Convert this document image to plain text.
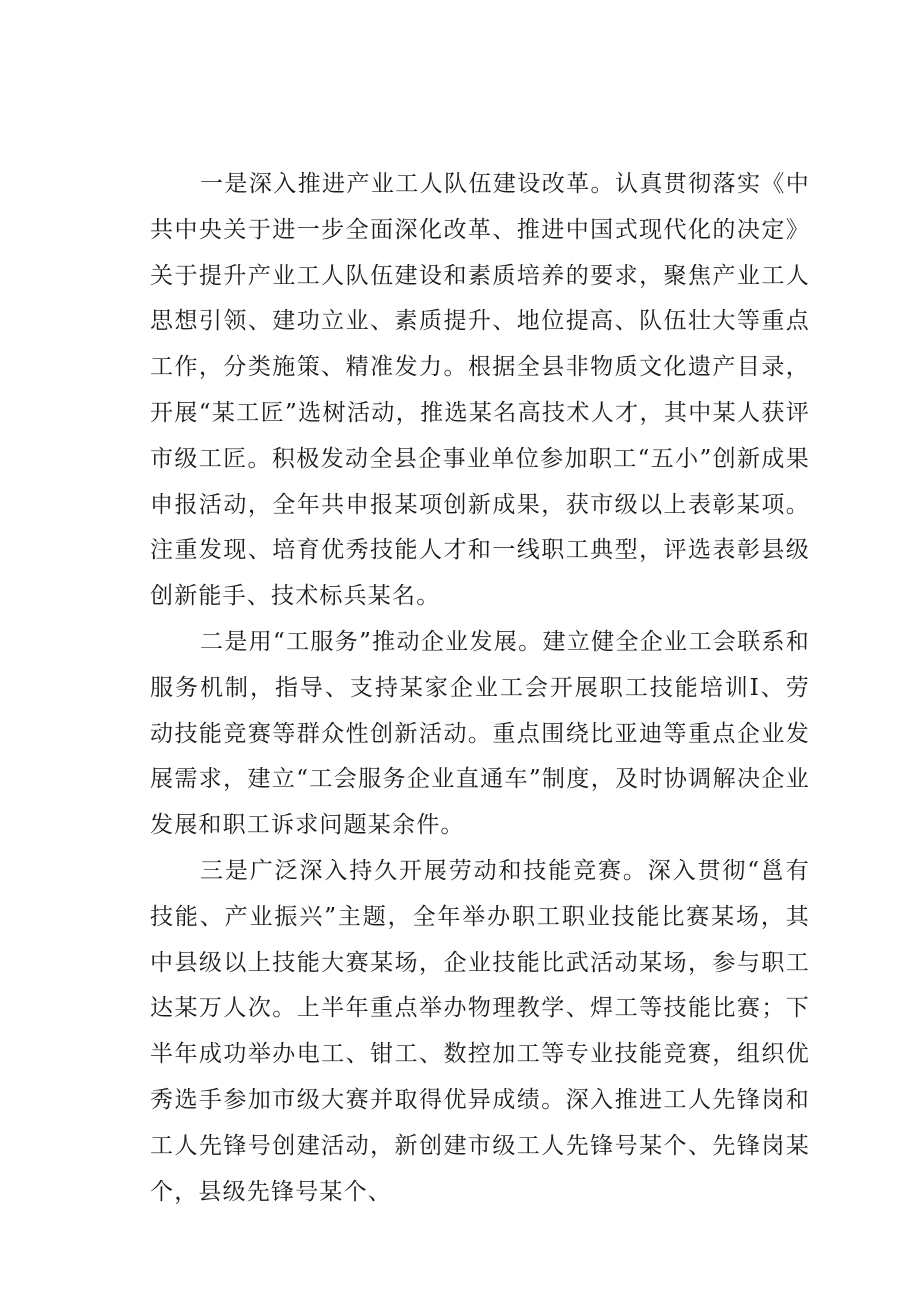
一是深入推进产业工人队伍建设改革。认真贯彻落实《中共中央关于进一步全面深化改革、推进中国式现代化的决定》关于提升产业工人队伍建设和素质培养的要求，聚焦产业工人思想引领、建功立业、素质提升、地位提高、队伍壮大等重点工作，分类施策、精准发力。根据全县非物质文化遗产目录，开展“某工匠”选树活动，推选某名高技术人才，其中某人获评市级工匠。积极发动全县企事业单位参加职工“五小”创新成果申报活动，全年共申报某项创新成果，获市级以上表彰某项。注重发现、培育优秀技能人才和一线职工典型，评选表彰县级创新能手、技术标兵某名。

二是用“工服务”推动企业发展。建立健全企业工会联系和服务机制，指导、支持某家企业工会开展职工技能培训I、劳动技能竞赛等群众性创新活动。重点围绕比亚迪等重点企业发展需求，建立“工会服务企业直通车”制度，及时协调解决企业发展和职工诉求问题某余件。

三是广泛深入持久开展劳动和技能竞赛。深入贯彻“邕有技能、产业振兴”主题，全年举办职工职业技能比赛某场，其中县级以上技能大赛某场，企业技能比武活动某场，参与职工达某万人次。上半年重点举办物理教学、焊工等技能比赛；下半年成功举办电工、钳工、数控加工等专业技能竞赛，组织优秀选手参加市级大赛并取得优异成绩。深入推进工人先锋岗和工人先锋号创建活动，新创建市级工人先锋号某个、先锋岗某个，县级先锋号某个、
